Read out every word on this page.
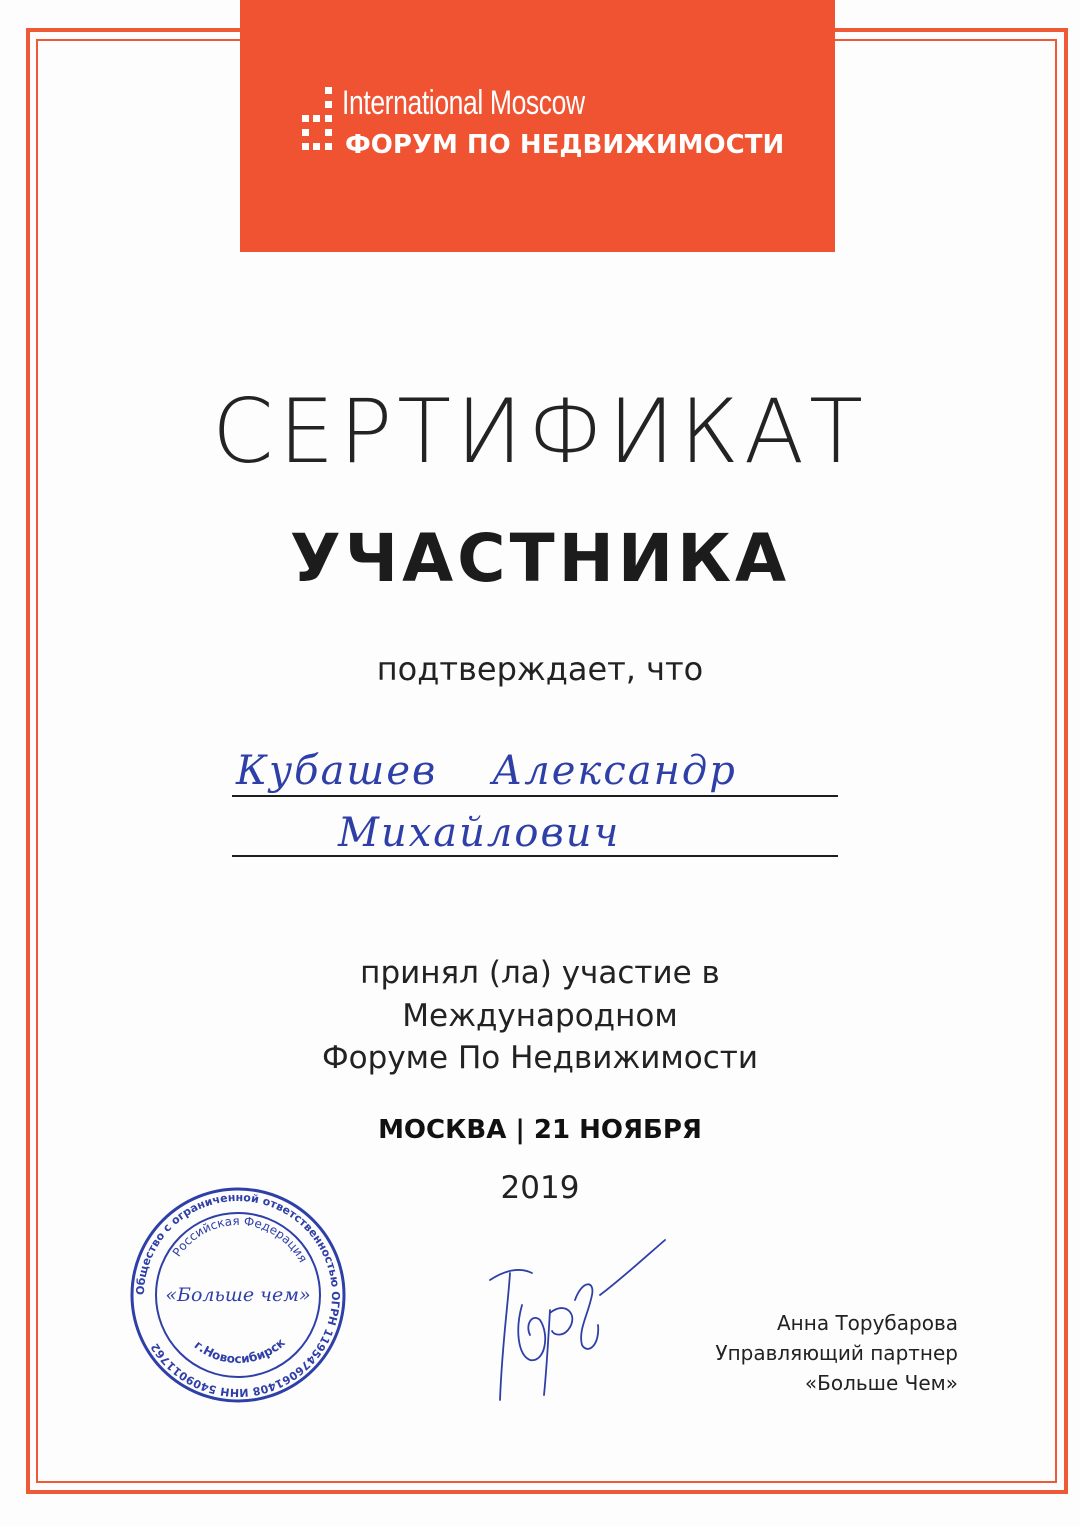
International Moscow
ФОРУМ ПО НЕДВИЖИМОСТИ
СЕРТИФИКАТ
УЧАСТНИКА
подтверждает, что
Кубашев Александр
Михайлович
принял (ла) участие в
Международном
Форуме По Недвижимости
МОСКВА | 21 НОЯБРЯ
2019
Общество с ограниченной ответственностью ОГРН 1195476061408 ИНН 5409011762
Российская Федерация
«Больше чем»
г.Новосибирск
Анна Торубарова
Управляющий партнер
«Больше Чем»
